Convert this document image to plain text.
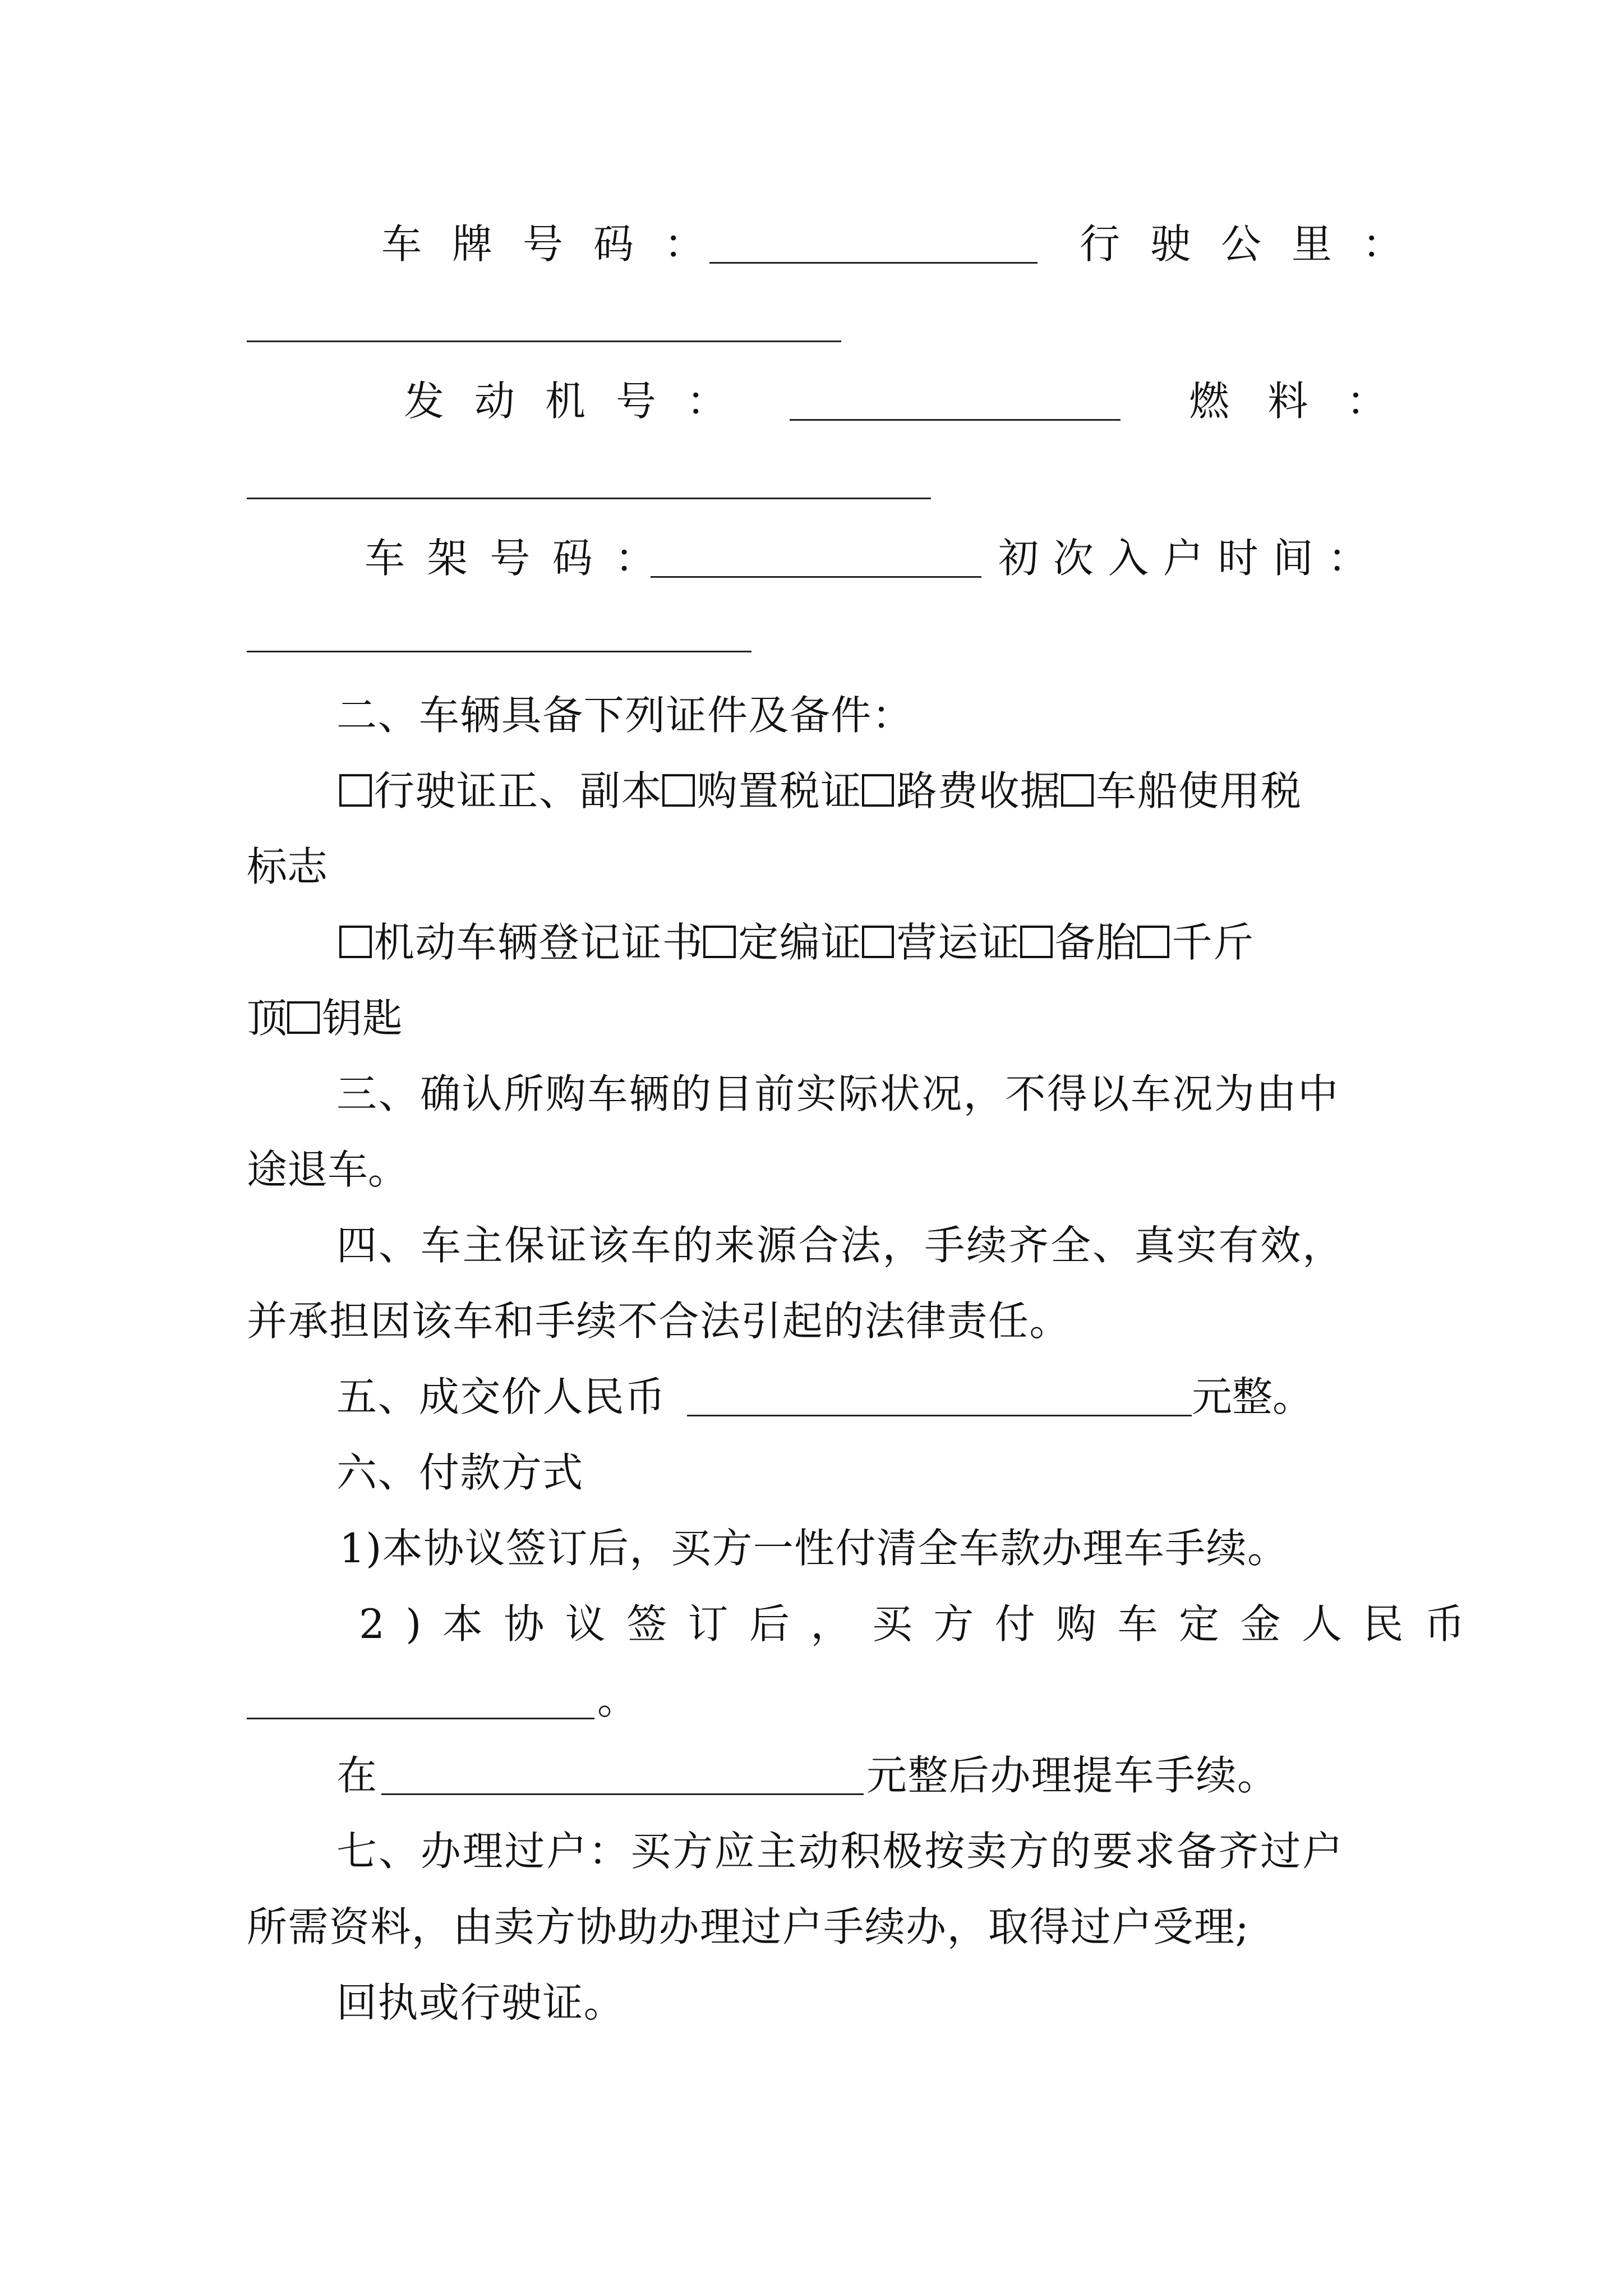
车牌号码：	行驶公里：
发动机号：	燃料：
车架号码：	初次入户时间：
二、车辆具备下列证件及备件：
行驶证正、副本 购置税证 路费收据 车船使用税
标志
机动车辆登记证书 定编证 营运证 备胎 千斤
顶 钥匙
三、确认所购车辆的目前实际状况，不得以车况为由中
途退车。
四、车主保证该车的来源合法，手续齐全、真实有效，
并承担因该车和手续不合法引起的法律责任。
五、成交价人民币	元整。
六、付款方式
1)本协议签订后，买方一性付清全车款办理车手续。
2)本协议签订后，买方付购车定金人民币
。
在	元整后办理提车手续。
七、办理过户：买方应主动积极按卖方的要求备齐过户
所需资料，由卖方协助办理过户手续办，取得过户受理;
回执或行驶证。
